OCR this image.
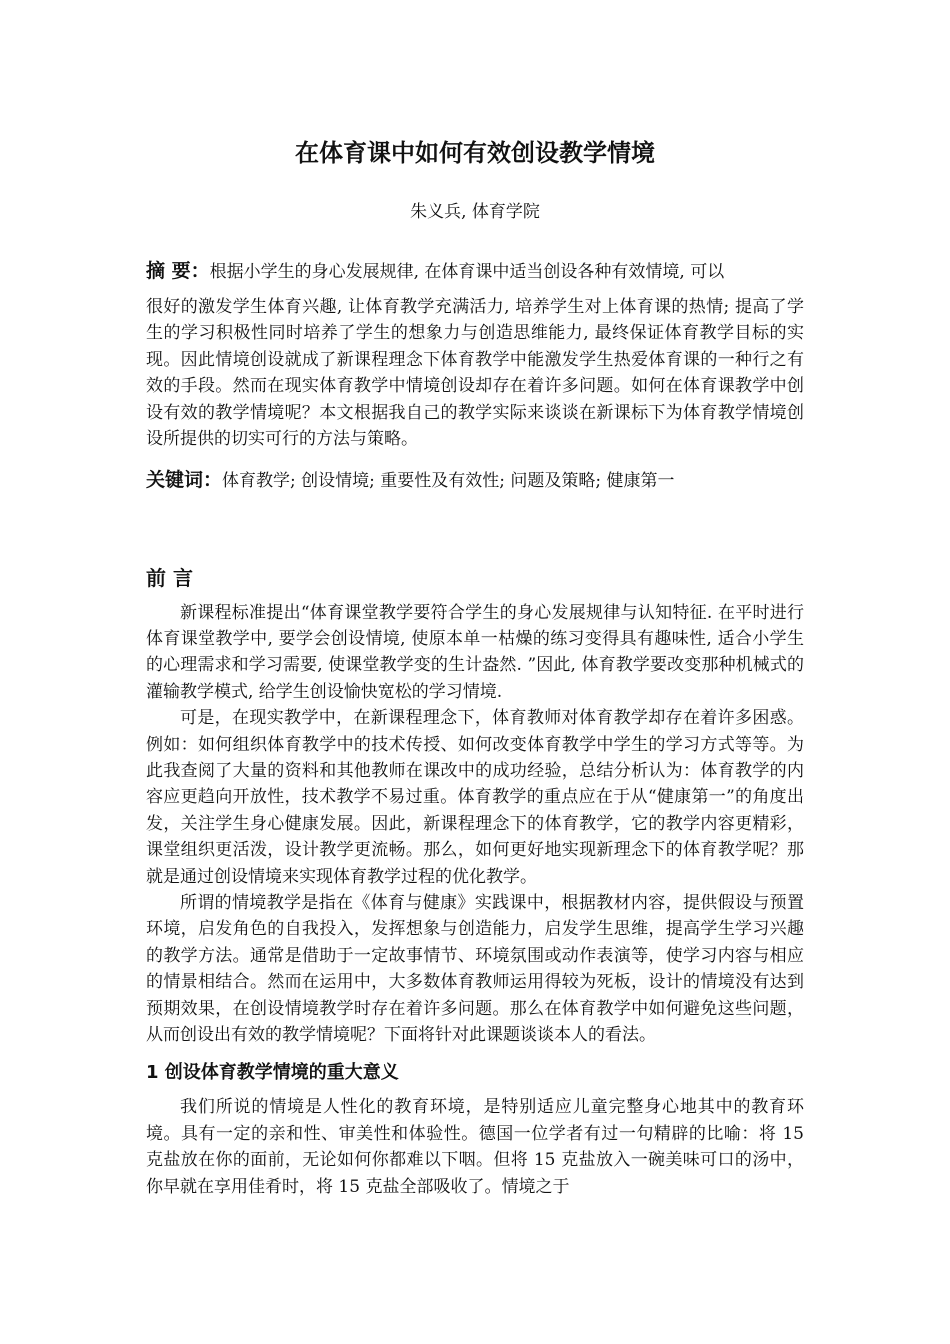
在体育课中如何有效创设教学情境
朱义兵, 体育学院
摘 要：根据小学生的身心发展规律, 在体育课中适当创设各种有效情境, 可以
很好的激发学生体育兴趣, 让体育教学充满活力, 培养学生对上体育课的热情; 提高了学生的学习积极性同时培养了学生的想象力与创造思维能力, 最终保证体育教学目标的实现。因此情境创设就成了新课程理念下体育教学中能激发学生热爱体育课的一种行之有效的手段。然而在现实体育教学中情境创设却存在着许多问题。如何在体育课教学中创设有效的教学情境呢？本文根据我自己的教学实际来谈谈在新课标下为体育教学情境创设所提供的切实可行的方法与策略。
关键词：体育教学; 创设情境; 重要性及有效性; 问题及策略; 健康第一
前 言

新课程标准提出“体育课堂教学要符合学生的身心发展规律与认知特征. 在平时进行体育课堂教学中, 要学会创设情境, 使原本单一枯燥的练习变得具有趣味性, 适合小学生的心理需求和学习需要, 使课堂教学变的生计盎然. ”因此, 体育教学要改变那种机械式的灌输教学模式, 给学生创设愉快宽松的学习情境.

可是，在现实教学中，在新课程理念下，体育教师对体育教学却存在着许多困惑。例如：如何组织体育教学中的技术传授、如何改变体育教学中学生的学习方式等等。为此我查阅了大量的资料和其他教师在课改中的成功经验，总结分析认为：体育教学的内容应更趋向开放性，技术教学不易过重。体育教学的重点应在于从“健康第一”的角度出发，关注学生身心健康发展。因此，新课程理念下的体育教学，它的教学内容更精彩，课堂组织更活泼，设计教学更流畅。那么，如何更好地实现新理念下的体育教学呢？那就是通过创设情境来实现体育教学过程的优化教学。

所谓的情境教学是指在《体育与健康》实践课中，根据教材内容，提供假设与预置环境，启发角色的自我投入，发挥想象与创造能力，启发学生思维，提高学生学习兴趣的教学方法。通常是借助于一定故事情节、环境氛围或动作表演等，使学习内容与相应的情景相结合。然而在运用中，大多数体育教师运用得较为死板，设计的情境没有达到预期效果，在创设情境教学时存在着许多问题。那么在体育教学中如何避免这些问题，从而创设出有效的教学情境呢？下面将针对此课题谈谈本人的看法。

1 创设体育教学情境的重大意义

我们所说的情境是人性化的教育环境，是特别适应儿童完整身心地其中的教育环境。具有一定的亲和性、审美性和体验性。德国一位学者有过一句精辟的比喻：将 15 克盐放在你的面前，无论如何你都难以下咽。但将 15 克盐放入一碗美味可口的汤中，你早就在享用佳肴时，将 15 克盐全部吸收了。情境之于
